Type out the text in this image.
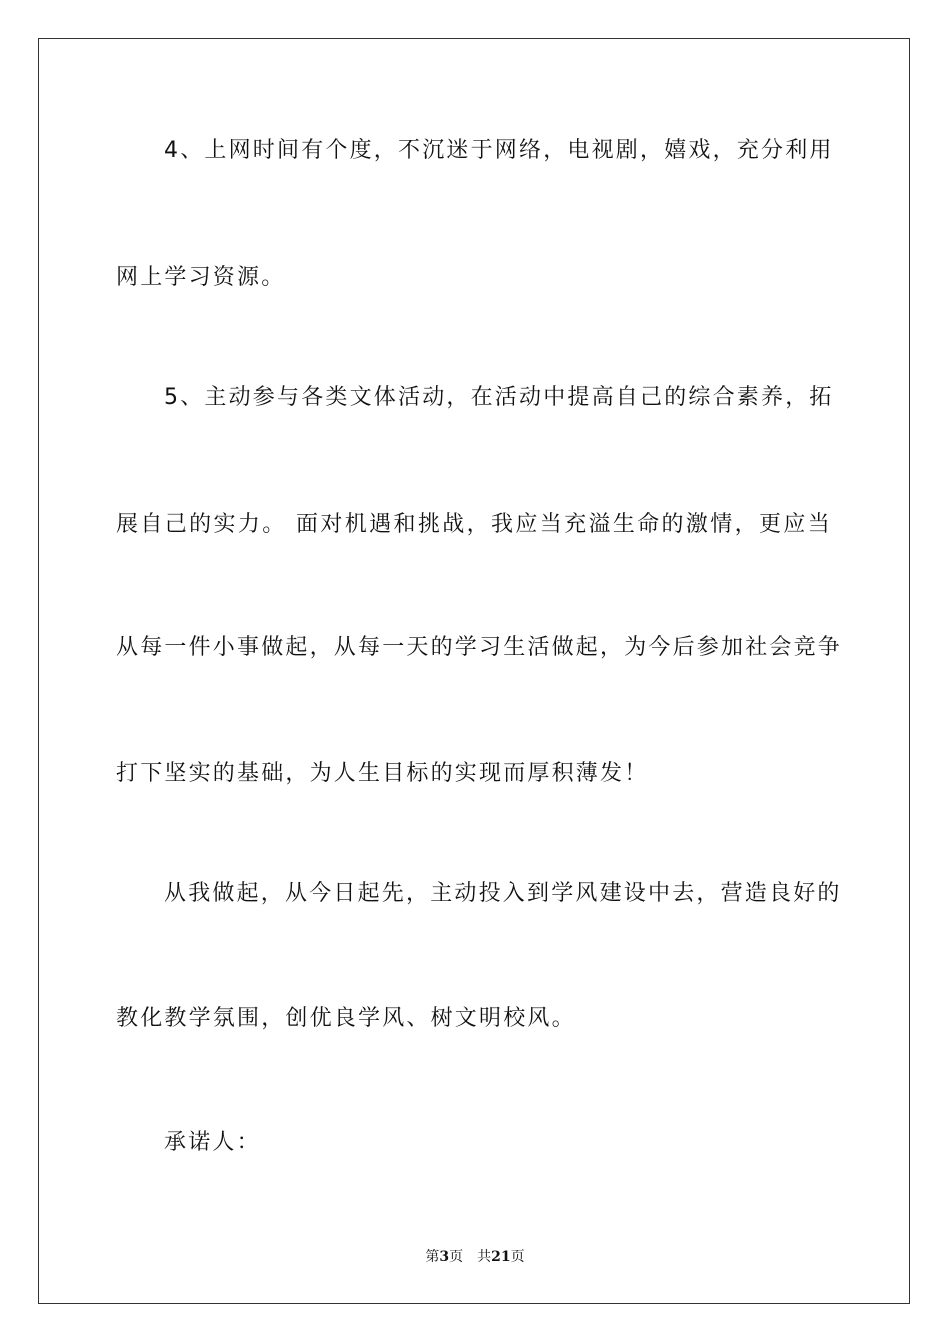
4、上网时间有个度，不沉迷于网络，电视剧，嬉戏，充分利用
网上学习资源。
5、主动参与各类文体活动，在活动中提高自己的综合素养，拓
展自己的实力。 面对机遇和挑战，我应当充溢生命的激情，更应当
从每一件小事做起，从每一天的学习生活做起，为今后参加社会竞争
打下坚实的基础，为人生目标的实现而厚积薄发！
从我做起，从今日起先，主动投入到学风建设中去，营造良好的
教化教学氛围，创优良学风、树文明校风。
承诺人：
第3页 共21页
